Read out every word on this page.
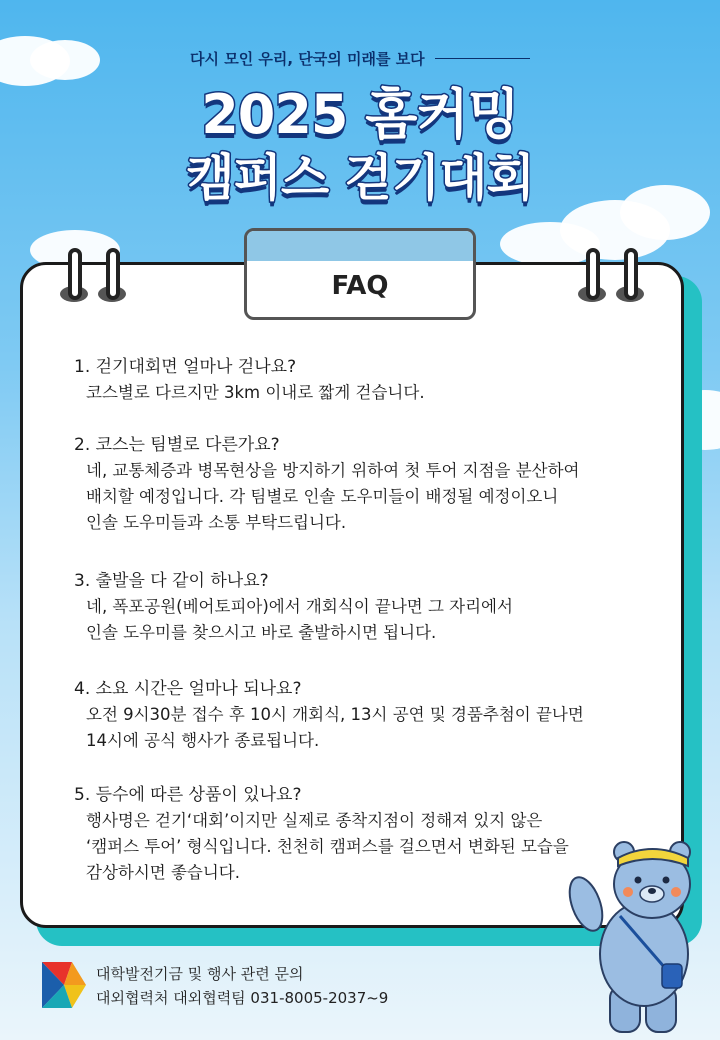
다시 모인 우리, 단국의 미래를 보다
2025 홈커밍
캠퍼스 걷기대회
FAQ
1. 걷기대회면 얼마나 걷나요?
코스별로 다르지만 3km 이내로 짧게 걷습니다.
2. 코스는 팀별로 다른가요?
네, 교통체증과 병목현상을 방지하기 위하여 첫 투어 지점을 분산하여
배치할 예정입니다. 각 팀별로 인솔 도우미들이 배정될 예정이오니
인솔 도우미들과 소통 부탁드립니다.
3. 출발을 다 같이 하나요?
네, 폭포공원(베어토피아)에서 개회식이 끝나면 그 자리에서
인솔 도우미를 찾으시고 바로 출발하시면 됩니다.
4. 소요 시간은 얼마나 되나요?
오전 9시30분 접수 후 10시 개회식, 13시 공연 및 경품추첨이 끝나면
14시에 공식 행사가 종료됩니다.
5. 등수에 따른 상품이 있나요?
행사명은 걷기‘대회’이지만 실제로 종착지점이 정해져 있지 않은
‘캠퍼스 투어’ 형식입니다. 천천히 캠퍼스를 걸으면서 변화된 모습을
감상하시면 좋습니다.
대학발전기금 및 행사 관련 문의
대외협력처 대외협력팀 031-8005-2037~9
